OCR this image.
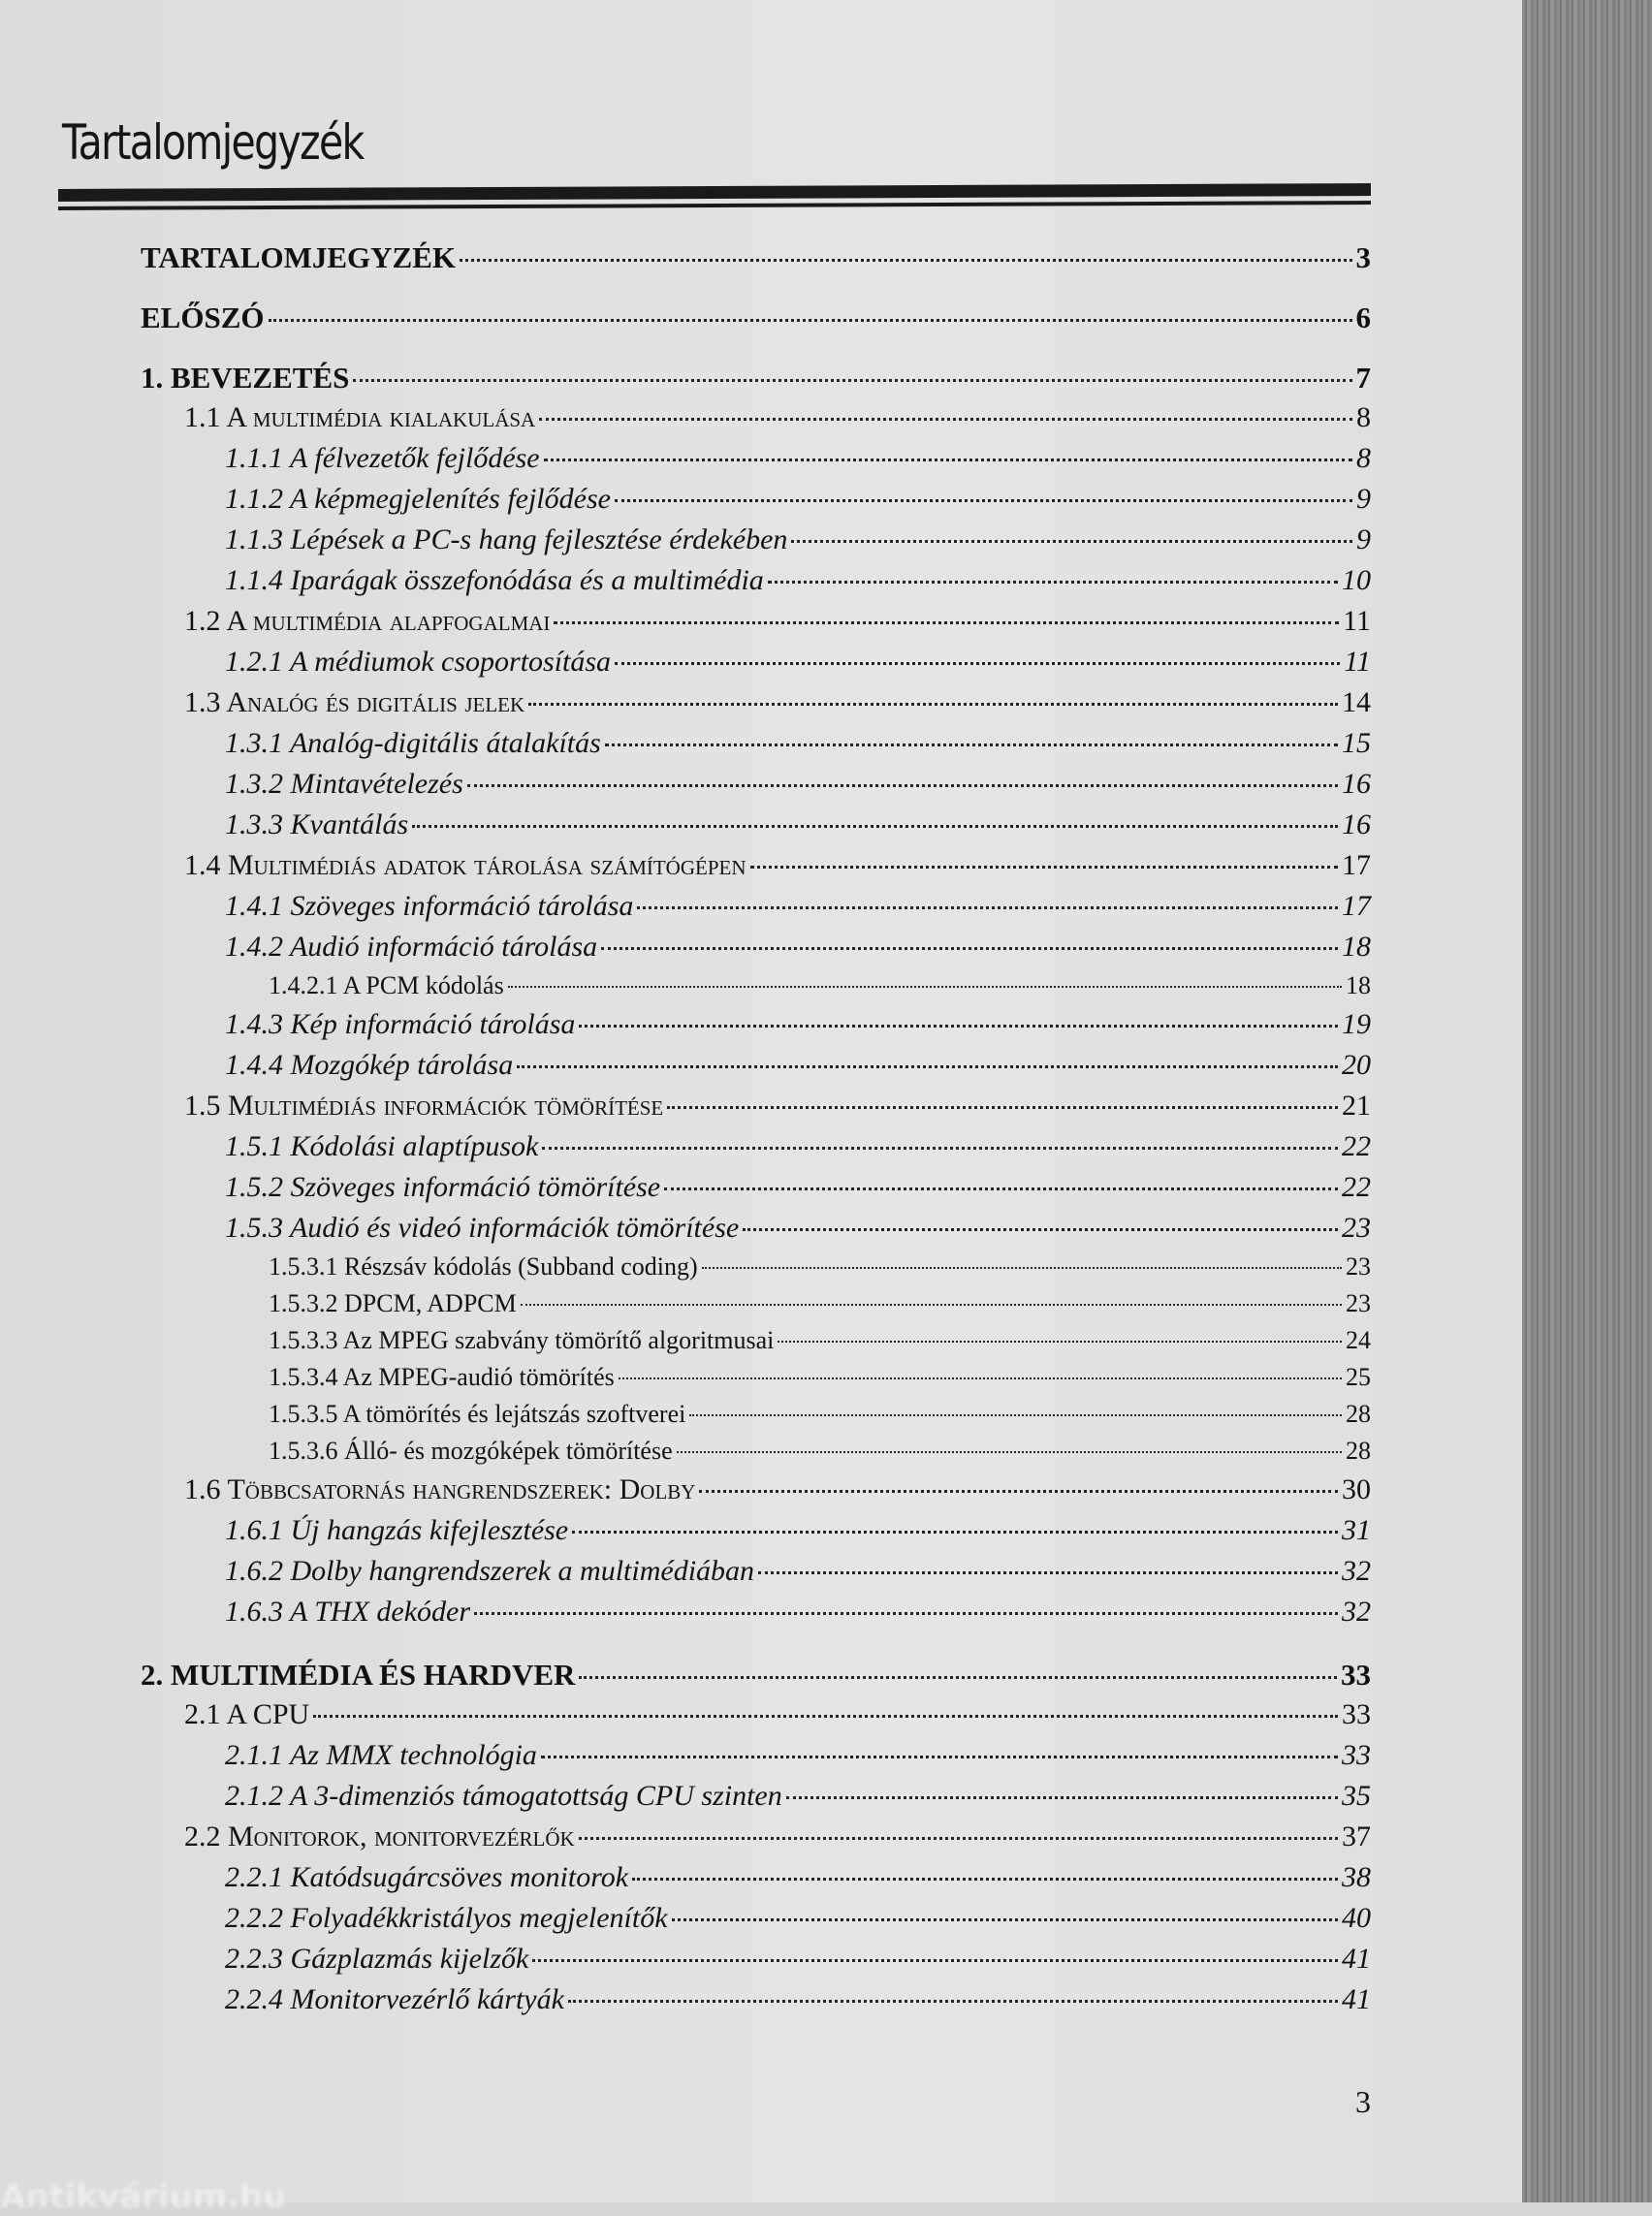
Tartalomjegyzék
TARTALOMJEGYZÉK	3
ELŐSZÓ	6
1. BEVEZETÉS	7
1.1 A multimédia kialakulása	8
1.1.1 A félvezetők fejlődése	8
1.1.2 A képmegjelenítés fejlődése	9
1.1.3 Lépések a PC-s hang fejlesztése érdekében	9
1.1.4 Iparágak összefonódása és a multimédia	10
1.2 A multimédia alapfogalmai	11
1.2.1 A médiumok csoportosítása	11
1.3 Analóg és digitális jelek	14
1.3.1 Analóg-digitális átalakítás	15
1.3.2 Mintavételezés	16
1.3.3 Kvantálás	16
1.4 Multimédiás adatok tárolása számítógépen	17
1.4.1 Szöveges információ tárolása	17
1.4.2 Audió információ tárolása	18
1.4.2.1 A PCM kódolás	18
1.4.3 Kép információ tárolása	19
1.4.4 Mozgókép tárolása	20
1.5 Multimédiás információk tömörítése	21
1.5.1 Kódolási alaptípusok	22
1.5.2 Szöveges információ tömörítése	22
1.5.3 Audió és videó információk tömörítése	23
1.5.3.1 Részsáv kódolás (Subband coding)	23
1.5.3.2 DPCM, ADPCM	23
1.5.3.3 Az MPEG szabvány tömörítő algoritmusai	24
1.5.3.4 Az MPEG-audió tömörítés	25
1.5.3.5 A tömörítés és lejátszás szoftverei	28
1.5.3.6 Álló- és mozgóképek tömörítése	28
1.6 Többcsatornás hangrendszerek: Dolby	30
1.6.1 Új hangzás kifejlesztése	31
1.6.2 Dolby hangrendszerek a multimédiában	32
1.6.3 A THX dekóder	32
2. MULTIMÉDIA ÉS HARDVER	33
2.1 A CPU	33
2.1.1 Az MMX technológia	33
2.1.2 A 3-dimenziós támogatottság CPU szinten	35
2.2 Monitorok, monitorvezérlők	37
2.2.1 Katódsugárcsöves monitorok	38
2.2.2 Folyadékkristályos megjelenítők	40
2.2.3 Gázplazmás kijelzők	41
2.2.4 Monitorvezérlő kártyák	41
3
Antikvárium.hu
